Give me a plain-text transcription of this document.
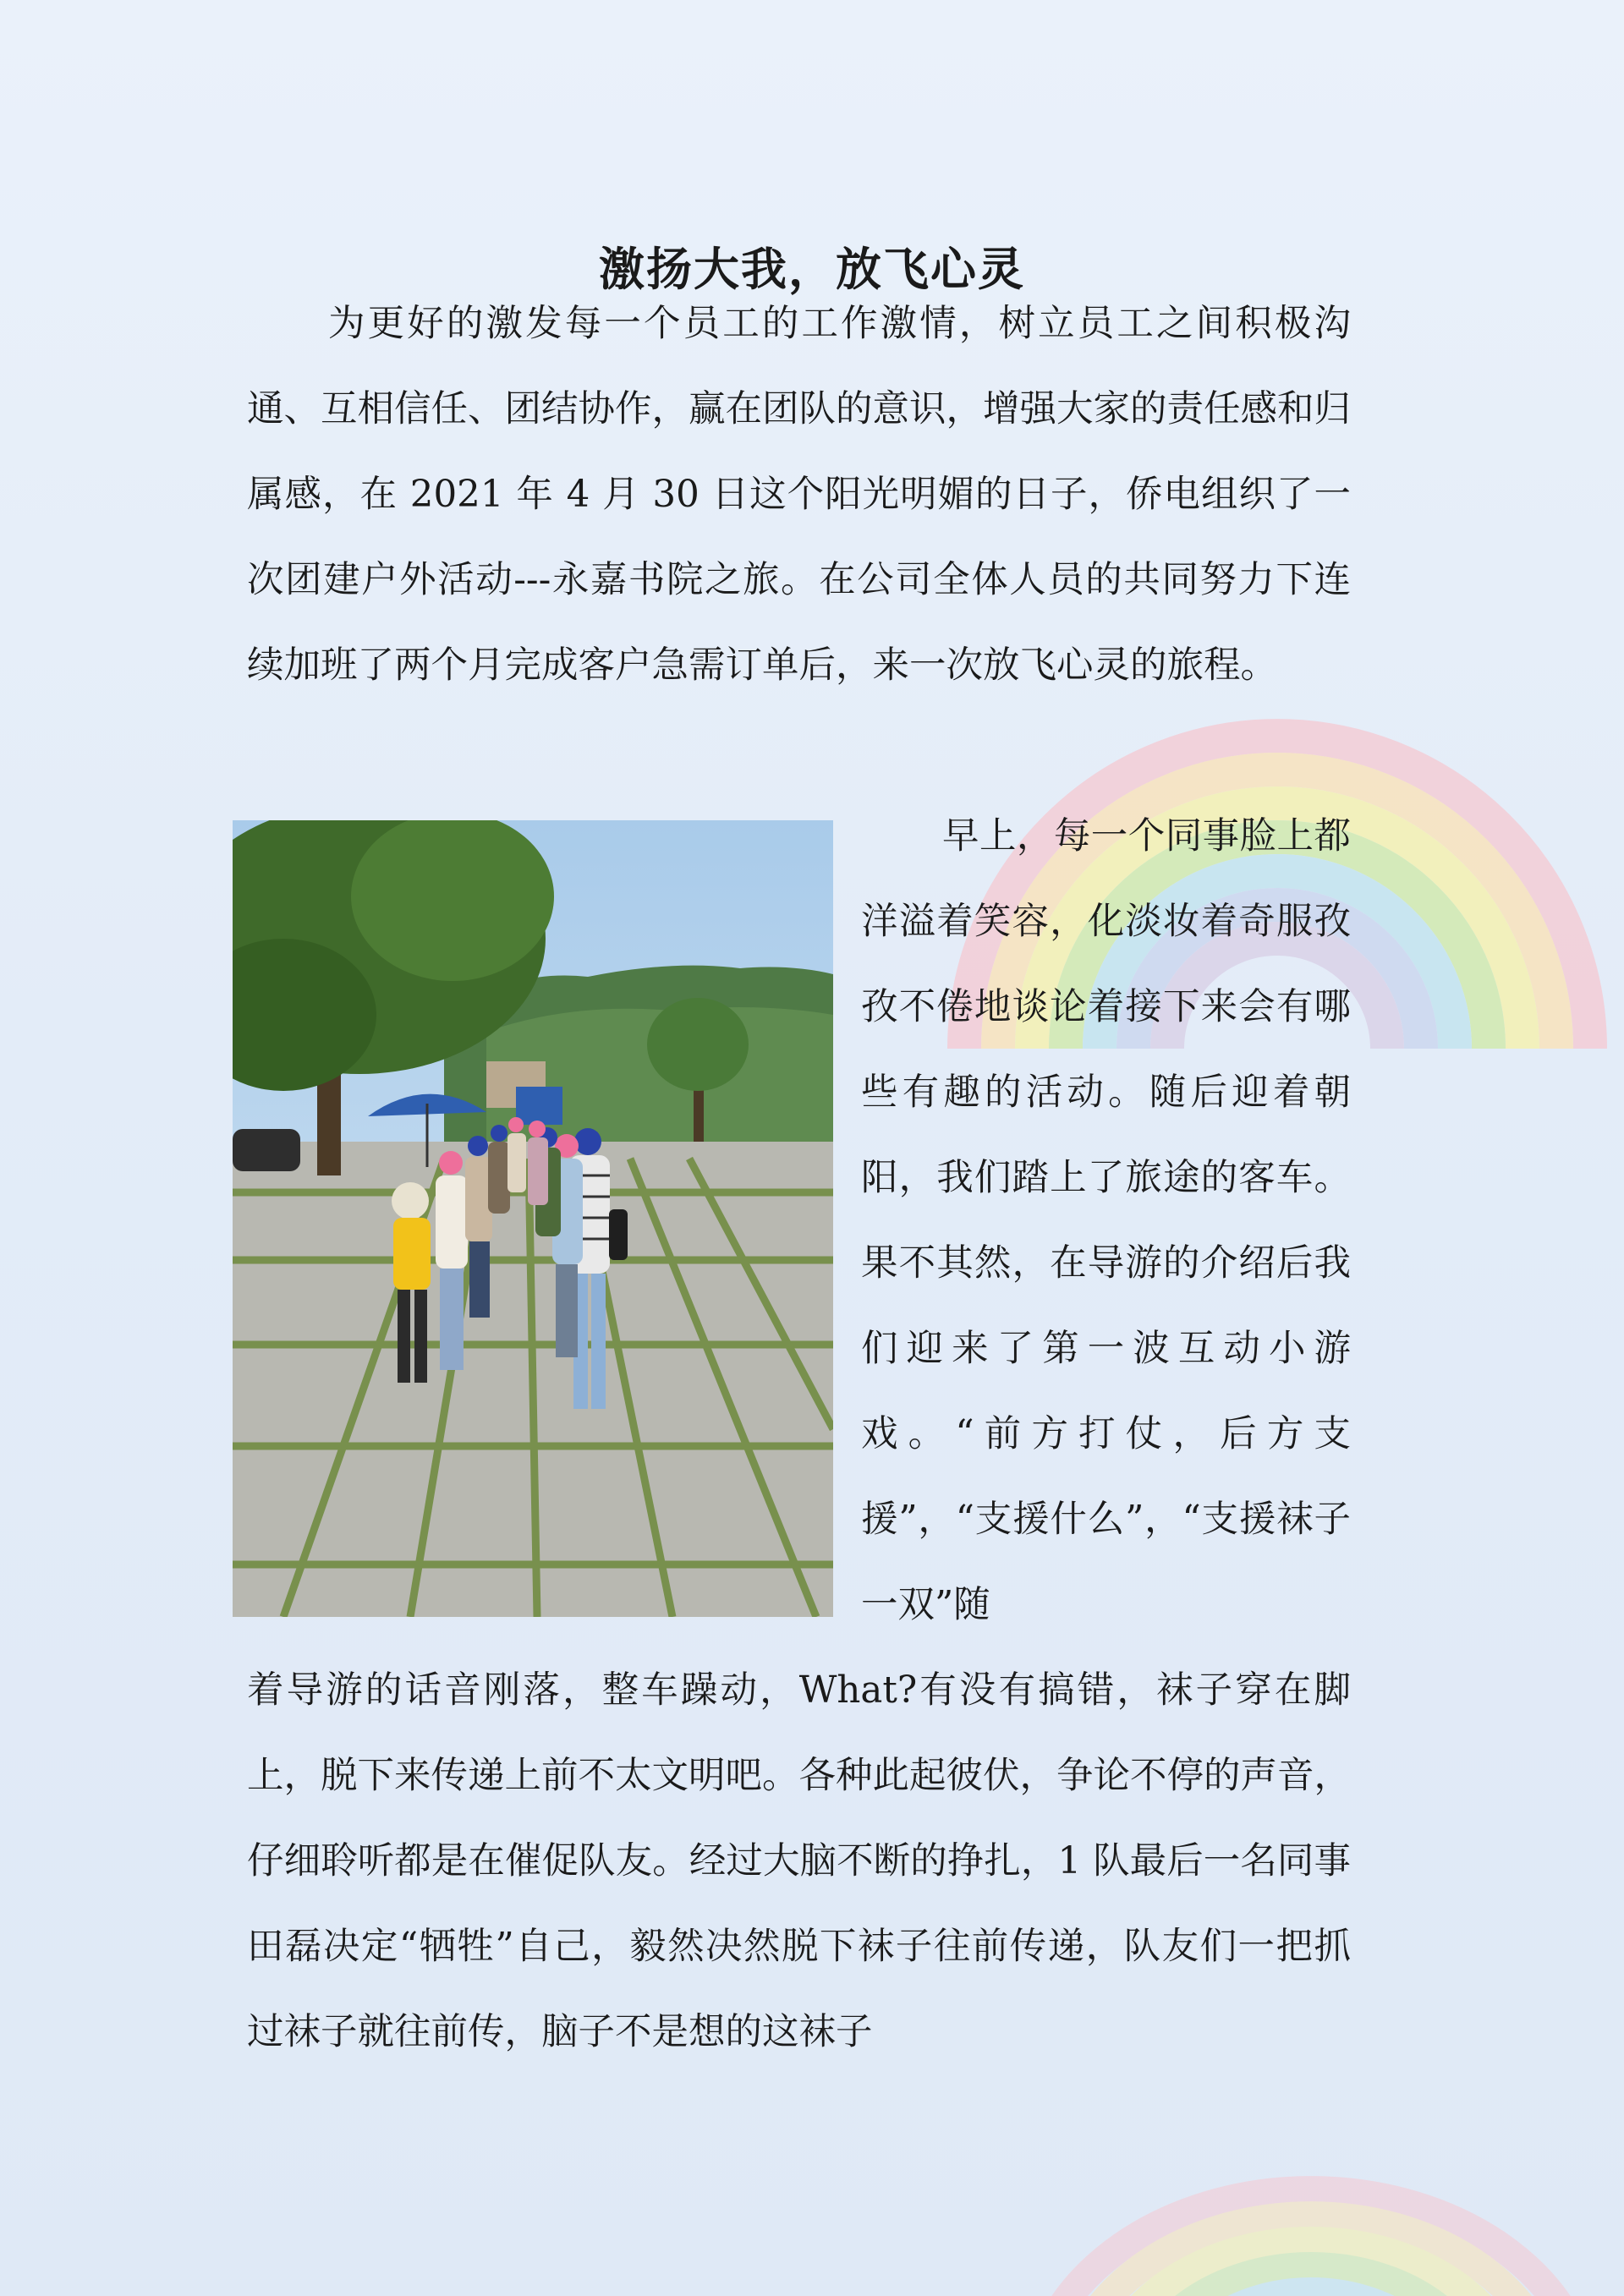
激扬大我，放飞心灵

为更好的激发每一个员工的工作激情，树立员工之间积极沟通、互相信任、团结协作，赢在团队的意识，增强大家的责任感和归属感，在 2021 年 4 月 30 日这个阳光明媚的日子，侨电组织了一次团建户外活动---永嘉书院之旅。在公司全体人员的共同努力下连续加班了两个月完成客户急需订单后，来一次放飞心灵的旅程。

早上，每一个同事脸上都洋溢着笑容，化淡妆着奇服孜孜不倦地谈论着接下来会有哪些有趣的活动。随后迎着朝阳，我们踏上了旅途的客车。果不其然，在导游的介绍后我们迎来了第一波互动小游戏。“前方打仗，后方支援”，“支援什么”，“支援袜子一双”随

着导游的话音刚落，整车躁动，What?有没有搞错，袜子穿在脚上，脱下来传递上前不太文明吧。各种此起彼伏，争论不停的声音，仔细聆听都是在催促队友。经过大脑不断的挣扎，1 队最后一名同事田磊决定“牺牲”自己，毅然决然脱下袜子往前传递，队友们一把抓过袜子就往前传，脑子不是想的这袜子
